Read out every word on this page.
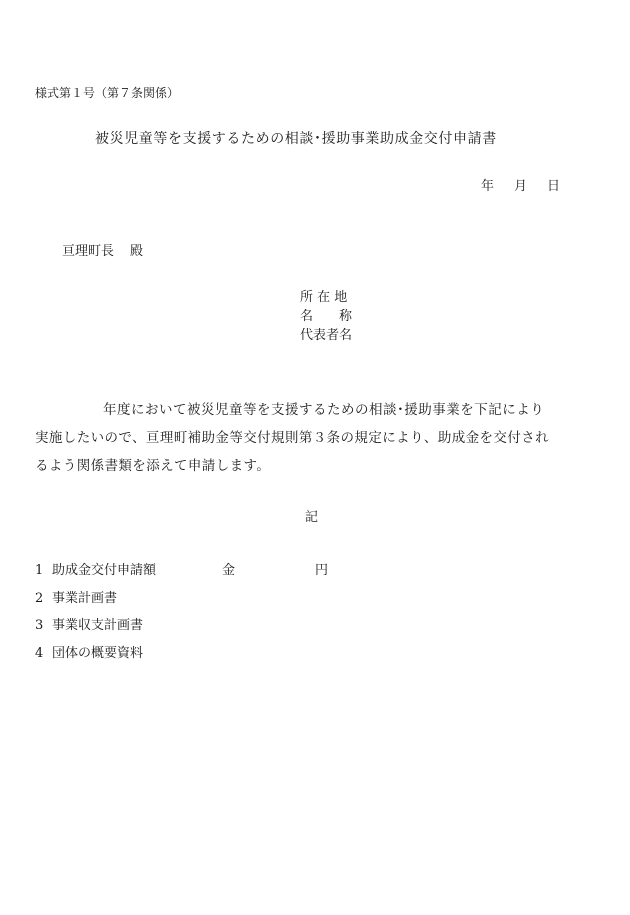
様式第１号（第７条関係）
被災児童等を支援するための相談･援助事業助成金交付申請書
年 月 日
亘理町長 殿
所 在 地
名　　称
代表者名

年度において被災児童等を支援するための相談･援助事業を下記により

実施したいので、亘理町補助金等交付規則第３条の規定により、助成金を交付され

るよう関係書類を添えて申請します。

記
1 助成金交付申請額	金	円
2 事業計画書
3 事業収支計画書
4 団体の概要資料
